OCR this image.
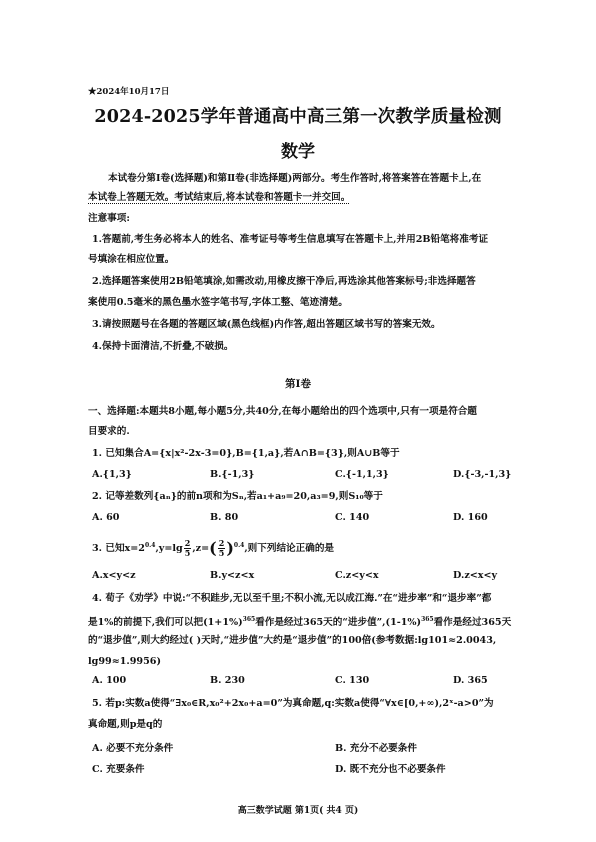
★2024年10月17日
2024-2025学年普通高中高三第一次教学质量检测
数学
本试卷分第Ⅰ卷(选择题)和第Ⅱ卷(非选择题)两部分。考生作答时,将答案答在答题卡上,在
本试卷上答题无效。考试结束后,将本试卷和答题卡一并交回。
注意事项:
1.答题前,考生务必将本人的姓名、准考证号等考生信息填写在答题卡上,并用2B铅笔将准考证
号填涂在相应位置。
2.选择题答案使用2B铅笔填涂,如需改动,用橡皮擦干净后,再选涂其他答案标号;非选择题答
案使用0.5毫米的黑色墨水签字笔书写,字体工整、笔迹清楚。
3.请按照题号在各题的答题区域(黑色线框)内作答,超出答题区域书写的答案无效。
4.保持卡面清洁,不折叠,不破损。
第Ⅰ卷
一、选择题:本题共8小题,每小题5分,共40分,在每小题给出的四个选项中,只有一项是符合题
目要求的.
1. 已知集合A={x|x²-2x-3=0},B={1,a},若A∩B={3},则A∪B等于
A.{1,3}	B.{-1,3}	C.{-1,1,3}	D.{-3,-1,3}
2. 记等差数列{aₙ}的前n项和为Sₙ,若a₁+a₉=20,a₃=9,则S₁₀等于
A. 60	B. 80	C. 140	D. 160
3. 已知$x=2^{0.4},y=\lg \frac{2}{5} ,z=( \frac{2}{5} )^{0.4}$,则下列结论正确的是
A.x<y<z	B.y<z<x	C.z<y<x	D.z<x<y
4. 荀子《劝学》中说:“不积跬步,无以至千里;不积小流,无以成江海.”在“进步率”和“退步率”都
是1%的前提下,我们可以把$(1+1\%)^{365}$看作是经过365天的“进步值$”,(1-1\%)^{365}$看作是经过365天
的“退步值”,则大约经过( )天时,“进步值”大约是“退步值”的100倍(参考数据:lg101≈2.0043,
lg99≈1.9956)
A. 100	B. 230	C. 130	D. 365
5. 若p:实数a使得“∃x₀∈R,x₀²+2x₀+a=0”为真命题,q:实数a使得“∀x∈[0,+∞),2ˣ-a>0”为
真命题,则p是q的
A. 必要不充分条件	B. 充分不必要条件
C. 充要条件	D. 既不充分也不必要条件
高三数学试题 第1页( 共4 页)
